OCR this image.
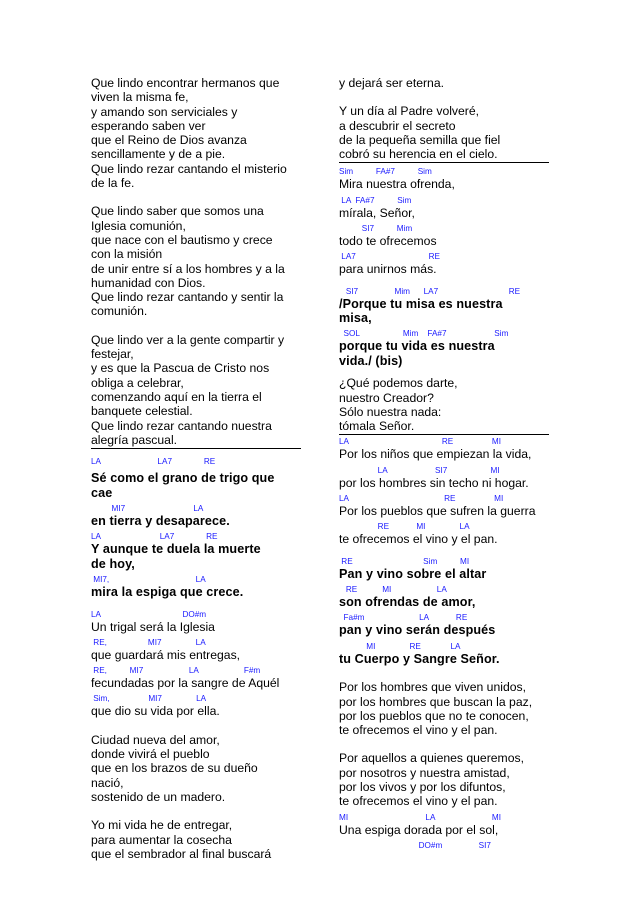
Que lindo encontrar hermanos que

viven la misma fe,

y amando son serviciales y

esperando saben ver

que el Reino de Dios avanza

sencillamente y de a pie.

Que lindo rezar cantando el misterio

de la fe.

Que lindo saber que somos una

Iglesia comunión,

que nace con el bautismo y crece

con la misión

de unir entre sí a los hombres y a la

humanidad con Dios.

Que lindo rezar cantando y sentir la

comunión.

Que lindo ver a la gente compartir y

festejar,

y es que la Pascua de Cristo nos

obliga a celebrar,

comenzando aquí en la tierra el

banquete celestial.

Que lindo rezar cantando nuestra

alegría pascual.

LA                         LA7              RE

Sé como el grano de trigo que

cae

MI7                              LA

en tierra y desaparece.

LA                          LA7              RE

Y aunque te duela la muerte

de hoy,

MI7,                                      LA

mira la espiga que crece.

LA                                    DO#m

Un trigal será la Iglesia

RE,                  MI7               LA

que guardará mis entregas,

RE,          MI7                    LA                    F#m

fecundadas por la sangre de Aquél

Sim,                 MI7               LA

que dio su vida por ella.

Ciudad nueva del amor,

donde vivirá el pueblo

que en los brazos de su dueño

nació,

sostenido de un madero.

Yo mi vida he de entregar,

para aumentar la cosecha

que el sembrador al final buscará

y dejará ser eterna.

Y un día al Padre volveré,

a descubrir el secreto

de la pequeña semilla que fiel

cobró su herencia en el cielo.

Sim          FA#7          Sim

Mira nuestra ofrenda,

LA  FA#7          Sim

mírala, Señor,

SI7          Mim

todo te ofrecemos

LA7                                RE

para unirnos más.

SI7                Mim      LA7                               RE

/Porque tu misa es nuestra

misa,

SOL                   Mim    FA#7                     Sim

porque tu vida es nuestra

vida./ (bis)

¿Qué podemos darte,

nuestro Creador?

Sólo nuestra nada:

tómala Señor.

LA                                         RE                 MI

Por los niños que empiezan la vida,

LA                     SI7                   MI

por los hombres sin techo ni hogar.

LA                                          RE                 MI

Por los pueblos que sufren la guerra

RE            MI               LA

te ofrecemos el vino y el pan.

RE                               Sim          MI

Pan y vino sobre el altar

RE           MI                    LA

son ofrendas de amor,

Fa#m                        LA            RE

pan y vino serán después

MI               RE             LA

tu Cuerpo y Sangre Señor.

Por los hombres que viven unidos,

por los hombres que buscan la paz,

por los pueblos que no te conocen,

te ofrecemos el vino y el pan.

Por aquellos a quienes queremos,

por nosotros y nuestra amistad,

por los vivos y por los difuntos,

te ofrecemos el vino y el pan.

MI                                  LA                         MI

Una espiga dorada por el sol,

DO#m                SI7
